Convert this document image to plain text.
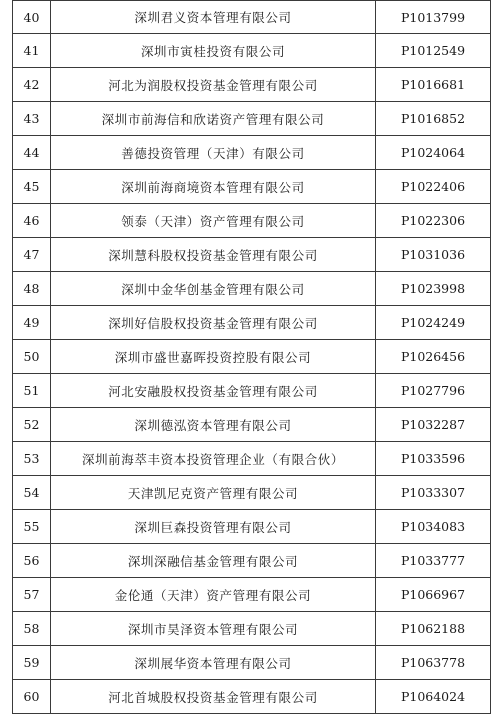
40	深圳君义资本管理有限公司	P1013799
41	深圳市寅桂投资有限公司	P1012549
42	河北为润股权投资基金管理有限公司	P1016681
43	深圳市前海信和欣诺资产管理有限公司	P1016852
44	善德投资管理（天津）有限公司	P1024064
45	深圳前海商境资本管理有限公司	P1022406
46	领泰（天津）资产管理有限公司	P1022306
47	深圳慧科股权投资基金管理有限公司	P1031036
48	深圳中金华创基金管理有限公司	P1023998
49	深圳好信股权投资基金管理有限公司	P1024249
50	深圳市盛世嘉晖投资控股有限公司	P1026456
51	河北安融股权投资基金管理有限公司	P1027796
52	深圳德泓资本管理有限公司	P1032287
53	深圳前海萃丰资本投资管理企业（有限合伙）	P1033596
54	天津凯尼克资产管理有限公司	P1033307
55	深圳巨森投资管理有限公司	P1034083
56	深圳深融信基金管理有限公司	P1033777
57	金伦通（天津）资产管理有限公司	P1066967
58	深圳市昊泽资本管理有限公司	P1062188
59	深圳展华资本管理有限公司	P1063778
60	河北首城股权投资基金管理有限公司	P1064024
